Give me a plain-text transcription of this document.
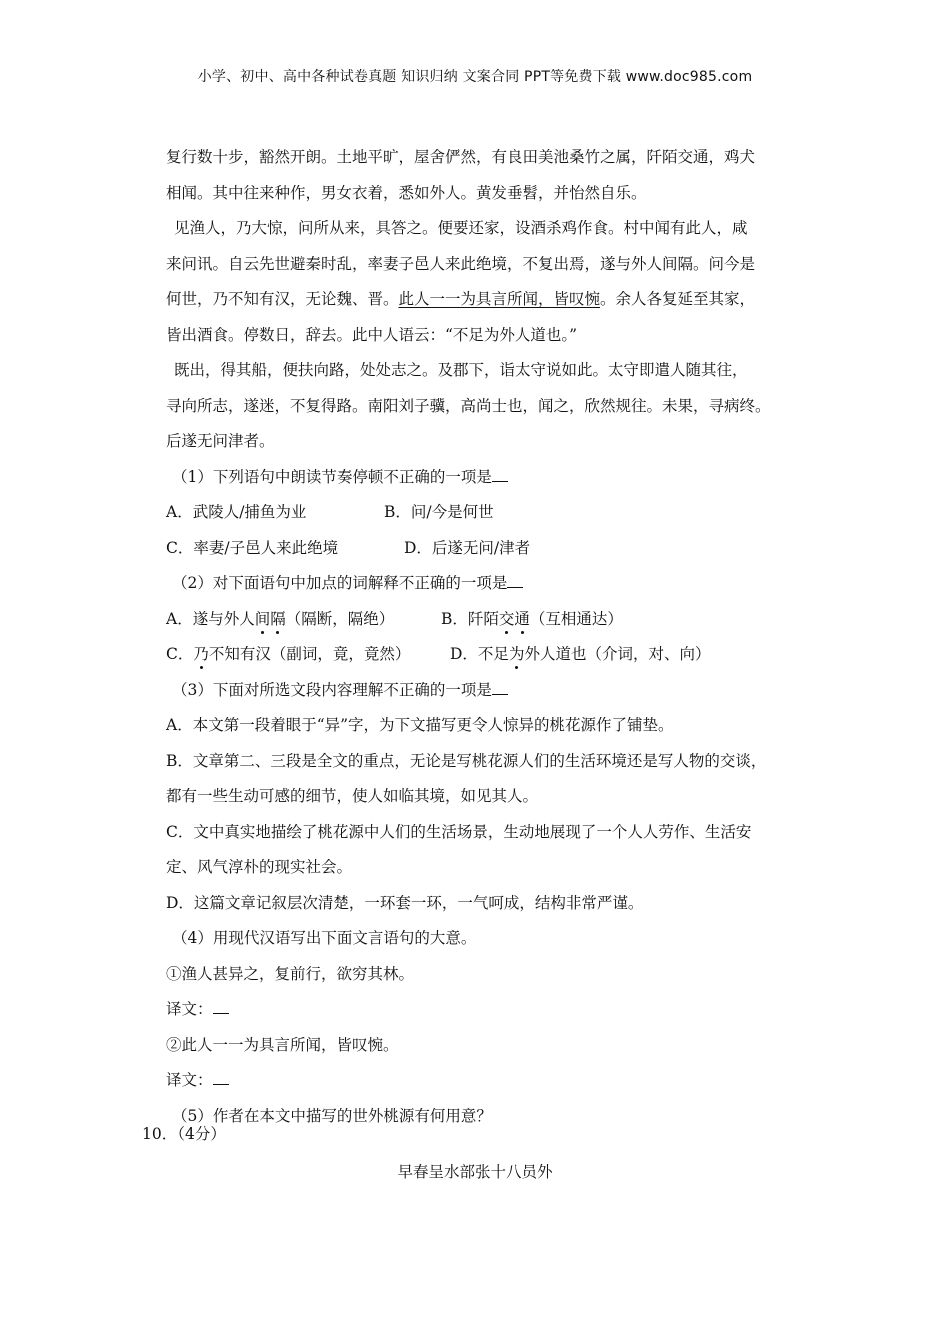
小学、初中、高中各种试卷真题 知识归纳 文案合同 PPT等免费下载 www.doc985.com
复行数十步，豁然开朗。土地平旷，屋舍俨然，有良田美池桑竹之属，阡陌交通，鸡犬
相闻。其中往来种作，男女衣着，悉如外人。黄发垂髫，并怡然自乐。
见渔人，乃大惊，问所从来，具答之。便要还家，设酒杀鸡作食。村中闻有此人，咸
来问讯。自云先世避秦时乱，率妻子邑人来此绝境，不复出焉，遂与外人间隔。问今是
何世，乃不知有汉，无论魏、晋。此人一一为具言所闻，皆叹惋。余人各复延至其家，
皆出酒食。停数日，辞去。此中人语云：“不足为外人道也。”
既出，得其船，便扶向路，处处志之。及郡下，诣太守说如此。太守即遣人随其往，
寻向所志，遂迷，不复得路。南阳刘子骥，高尚士也，闻之，欣然规往。未果，寻病终。
后遂无问津者。
（1）下列语句中朗读节奏停顿不正确的一项是
A．武陵人/捕鱼为业	B．问/今是何世
C．率妻/子邑人来此绝境	D．后遂无问/津者
（2）对下面语句中加点的词解释不正确的一项是
A．遂与外人间隔（隔断，隔绝）	B．阡陌交通（互相通达）
C．乃不知有汉（副词，竟，竟然）	D．不足为外人道也（介词，对、向）
（3）下面对所选文段内容理解不正确的一项是
A．本文第一段着眼于“异”字，为下文描写更令人惊异的桃花源作了铺垫。
B．文章第二、三段是全文的重点，无论是写桃花源人们的生活环境还是写人物的交谈，
都有一些生动可感的细节，使人如临其境，如见其人。
C．文中真实地描绘了桃花源中人们的生活场景，生动地展现了一个人人劳作、生活安
定、风气淳朴的现实社会。
D．这篇文章记叙层次清楚，一环套一环，一气呵成，结构非常严谨。
（4）用现代汉语写出下面文言语句的大意。
①渔人甚异之，复前行，欲穷其林。
译文：
②此人一一为具言所闻，皆叹惋。
译文：
（5）作者在本文中描写的世外桃源有何用意？
10．（4分）
早春呈水部张十八员外
